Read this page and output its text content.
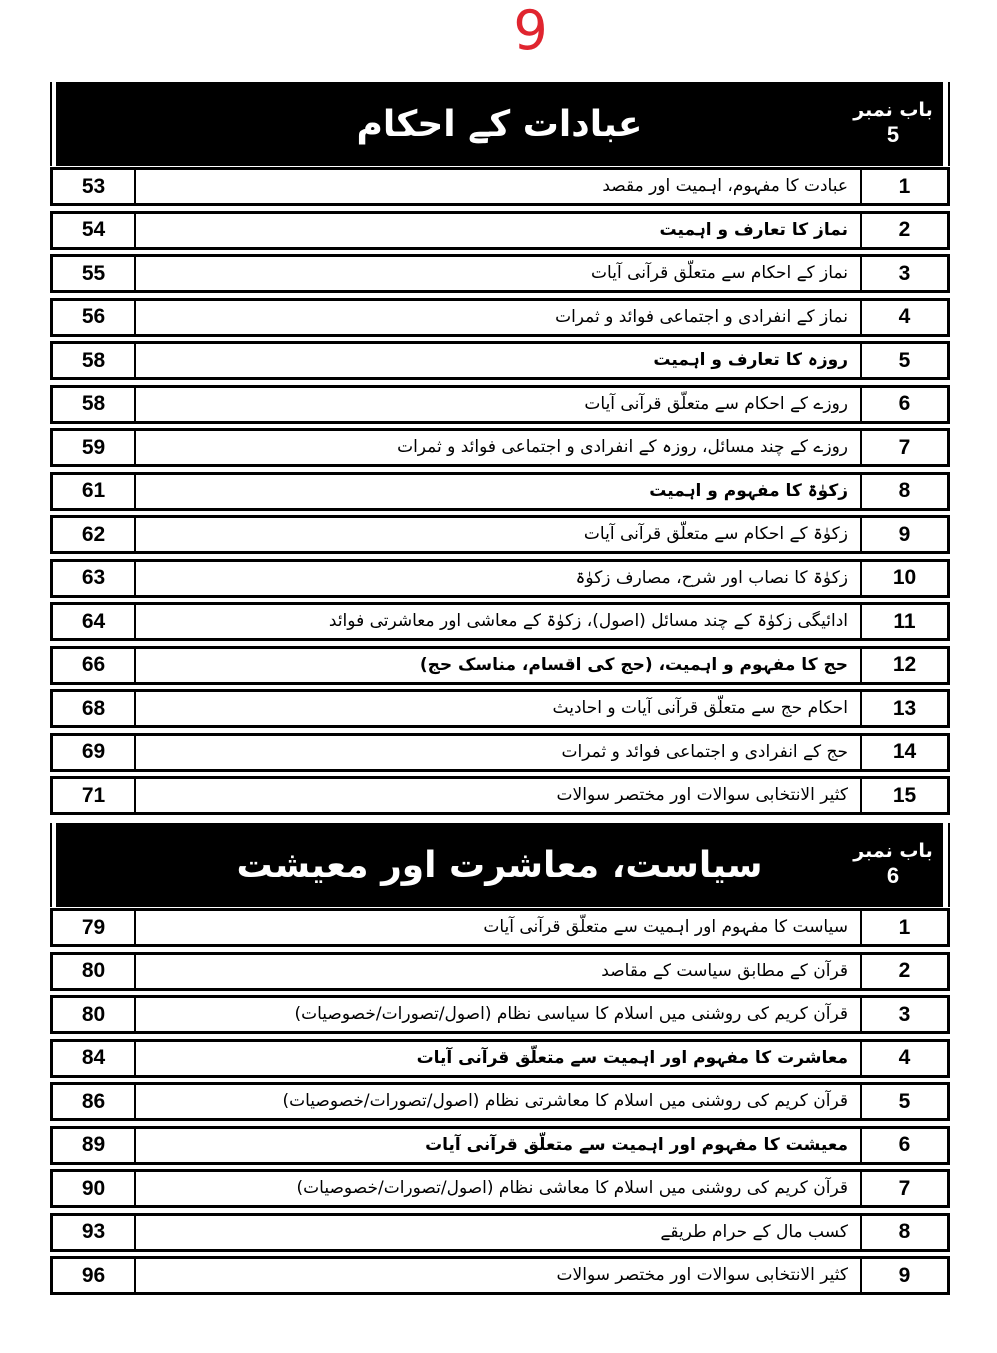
9
عبادات کے احکام	باب نمبر
5
53	عبادت کا مفہوم، اہمیت اور مقصد	1
54	نماز کا تعارف و اہمیت	2
55	نماز کے احکام سے متعلّق قرآنی آیات	3
56	نماز کے انفرادی و اجتماعی فوائد و ثمرات	4
58	روزہ کا تعارف و اہمیت	5
58	روزے کے احکام سے متعلّق قرآنی آیات	6
59	روزے کے چند مسائل، روزہ کے انفرادی و اجتماعی فوائد و ثمرات	7
61	زکوٰۃ کا مفہوم و اہمیت	8
62	زکوٰۃ کے احکام سے متعلّق قرآنی آیات	9
63	زکوٰۃ کا نصاب اور شرح، مصارف زکوٰۃ	10
64	ادائیگی زکوٰۃ کے چند مسائل (اصول)، زکوٰۃ کے معاشی اور معاشرتی فوائد	11
66	حج کا مفہوم و اہمیت، (حج کی اقسام، مناسک حج)	12
68	احکام حج سے متعلّق قرآنی آیات و احادیث	13
69	حج کے انفرادی و اجتماعی فوائد و ثمرات	14
71	کثیر الانتخابی سوالات اور مختصر سوالات	15
سیاست، معاشرت اور معیشت	باب نمبر
6
79	سیاست کا مفہوم اور اہمیت سے متعلّق قرآنی آیات	1
80	قرآن کے مطابق سیاست کے مقاصد	2
80	قرآن کریم کی روشنی میں اسلام کا سیاسی نظام (اصول/تصورات/خصوصیات)	3
84	معاشرت کا مفہوم اور اہمیت سے متعلّق قرآنی آیات	4
86	قرآن کریم کی روشنی میں اسلام کا معاشرتی نظام (اصول/تصورات/خصوصیات)	5
89	معیشت کا مفہوم اور اہمیت سے متعلّق قرآنی آیات	6
90	قرآن کریم کی روشنی میں اسلام کا معاشی نظام (اصول/تصورات/خصوصیات)	7
93	کسب مال کے حرام طریقے	8
96	کثیر الانتخابی سوالات اور مختصر سوالات	9
